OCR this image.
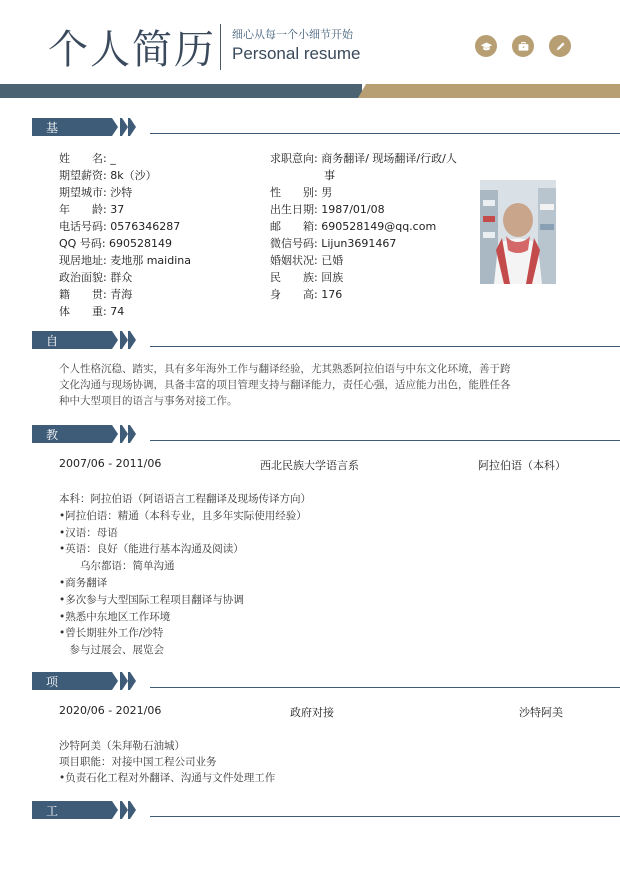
个人简历 细心从每一个小细节开始
Personal resume
基本信息
姓　　名: _
期望薪资: 8k（沙）
期望城市: 沙特
年　　龄: 37
电话号码: 0576346287
QQ 号码: 690528149
现居地址: 麦地那 maidina
政治面貌: 群众
籍　　贯: 青海
体　　重: 74
求职意向: 商务翻译/ 现场翻译/行政/人
事
性　　别: 男
出生日期: 1987/01/08
邮　　箱: 690528149@qq.com
微信号码: Lijun3691467
婚姻状况: 已婚
民　　族: 回族
身　　高: 176
自我描述
个人性格沉稳、踏实，具有多年海外工作与翻译经验，尤其熟悉阿拉伯语与中东文化环境，善于跨
文化沟通与现场协调，具备丰富的项目管理支持与翻译能力，责任心强，适应能力出色，能胜任各
种中大型项目的语言与事务对接工作。
教育经历
2007/06 - 2011/06	西北民族大学语言系	阿拉伯语（本科）
本科：阿拉伯语（阿语语言工程翻译及现场传译方向）
•阿拉伯语：精通（本科专业，且多年实际使用经验）
•汉语：母语
•英语：良好（能进行基本沟通及阅读）
　　乌尔都语：简单沟通
•商务翻译
•多次参与大型国际工程项目翻译与协调
•熟悉中东地区工作环境
•曾长期驻外工作/沙特
　参与过展会、展览会
项目经历
2020/06 - 2021/06	政府对接	沙特阿美
沙特阿美（朱拜勒石油城）
项目职能：对接中国工程公司业务
•负责石化工程对外翻译、沟通与文件处理工作
工作经历
